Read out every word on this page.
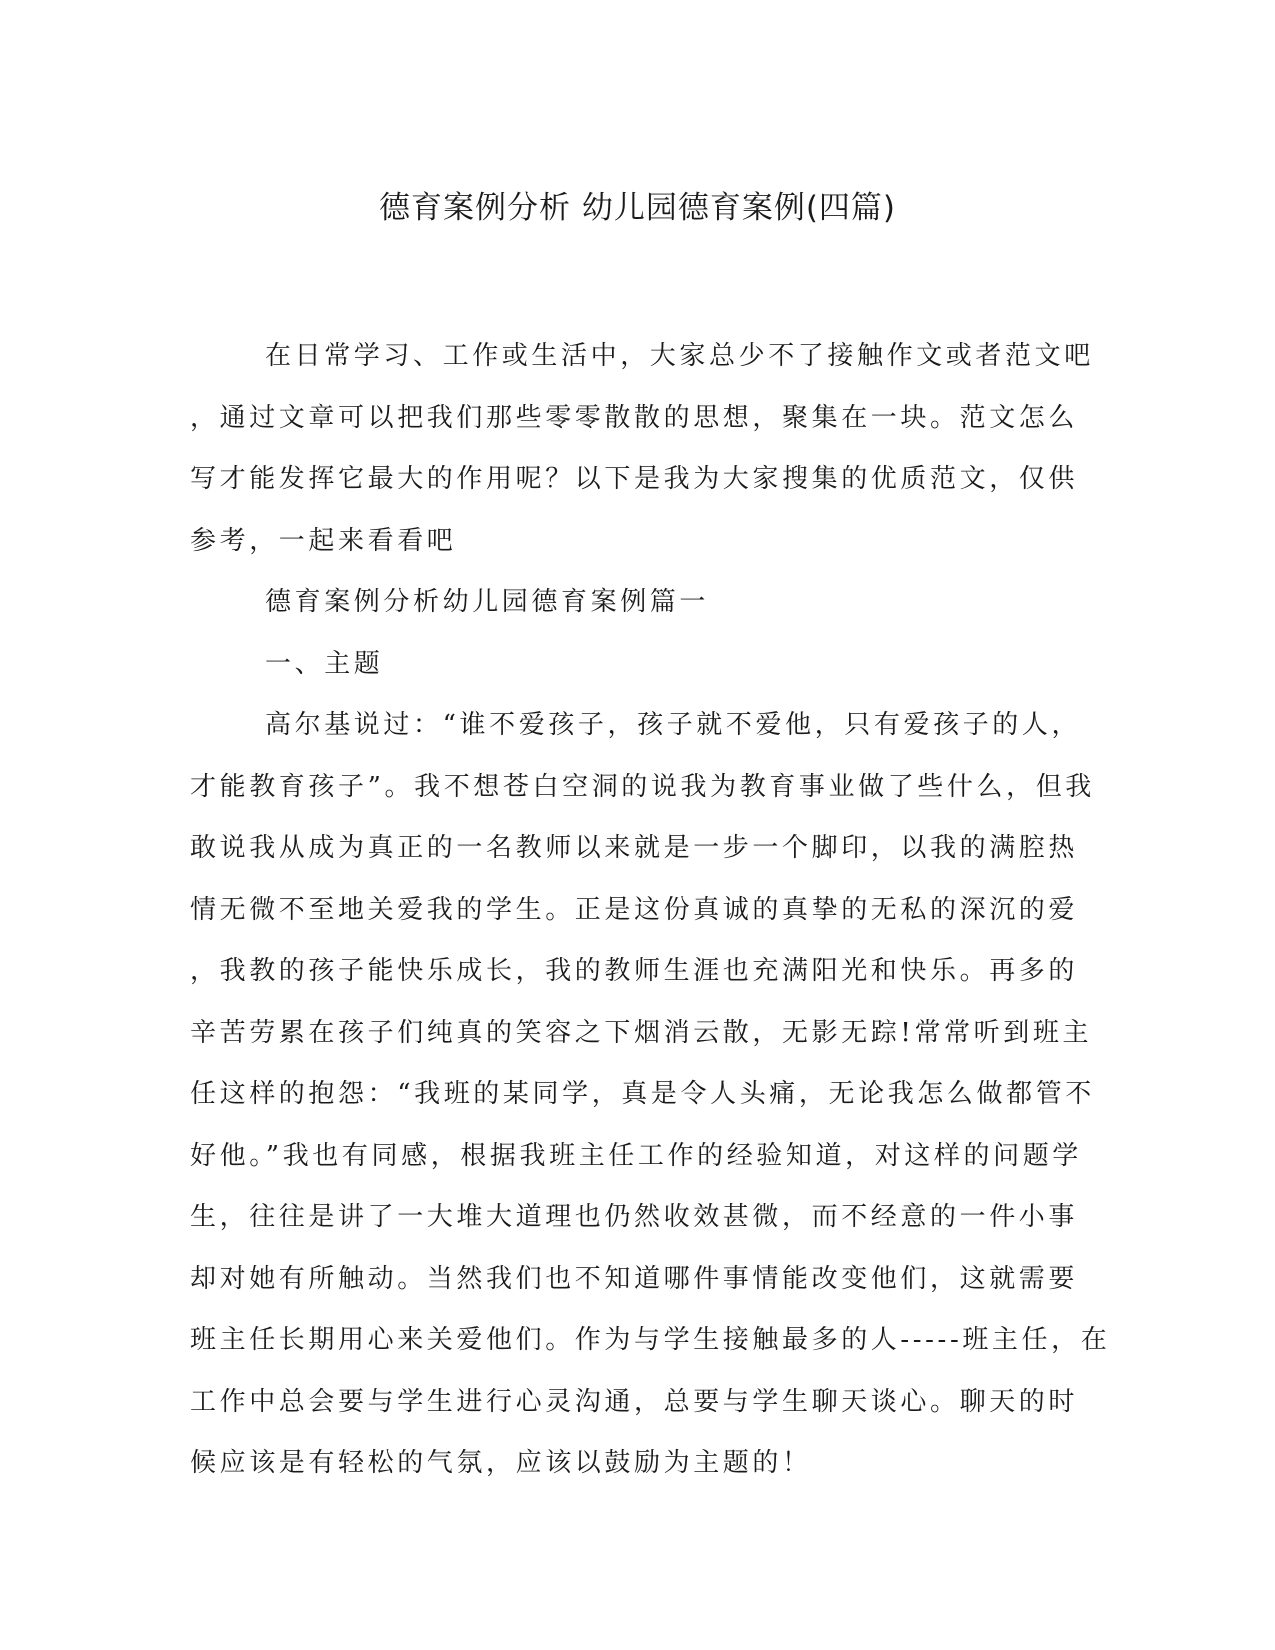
德育案例分析 幼儿园德育案例(四篇)
在日常学习、工作或生活中，大家总少不了接触作文或者范文吧
，通过文章可以把我们那些零零散散的思想，聚集在一块。范文怎么
写才能发挥它最大的作用呢？以下是我为大家搜集的优质范文，仅供
参考，一起来看看吧
德育案例分析幼儿园德育案例篇一
一、主题
高尔基说过：“谁不爱孩子，孩子就不爱他，只有爱孩子的人，
才能教育孩子”。我不想苍白空洞的说我为教育事业做了些什么，但我
敢说我从成为真正的一名教师以来就是一步一个脚印，以我的满腔热
情无微不至地关爱我的学生。正是这份真诚的真挚的无私的深沉的爱
，我教的孩子能快乐成长，我的教师生涯也充满阳光和快乐。再多的
辛苦劳累在孩子们纯真的笑容之下烟消云散，无影无踪!常常听到班主
任这样的抱怨：“我班的某同学，真是令人头痛，无论我怎么做都管不
好他。”我也有同感，根据我班主任工作的经验知道，对这样的问题学
生，往往是讲了一大堆大道理也仍然收效甚微，而不经意的一件小事
却对她有所触动。当然我们也不知道哪件事情能改变他们，这就需要
班主任长期用心来关爱他们。作为与学生接触最多的人-----班主任，在
工作中总会要与学生进行心灵沟通，总要与学生聊天谈心。聊天的时
候应该是有轻松的气氛，应该以鼓励为主题的！
